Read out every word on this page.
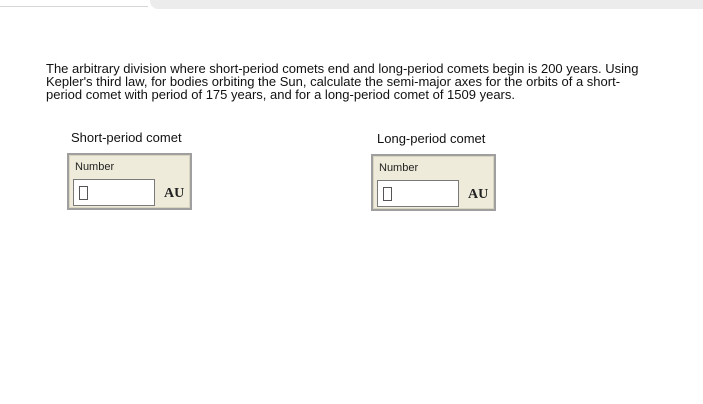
The arbitrary division where short-period comets end and long-period comets begin is 200 years. Using
Kepler's third law, for bodies orbiting the Sun, calculate the semi-major axes for the orbits of a short-
period comet with period of 175 years, and for a long-period comet of 1509 years.
Short-period comet
Number
AU
Long-period comet
Number
AU
